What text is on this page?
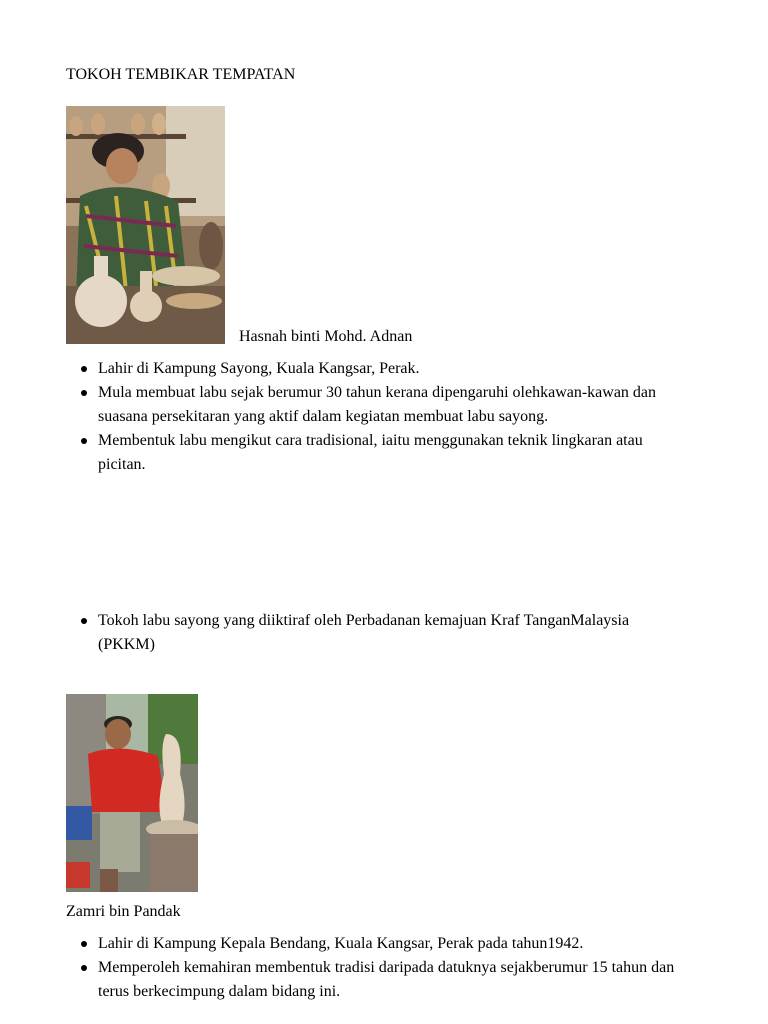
TOKOH TEMBIKAR TEMPATAN
Hasnah binti Mohd. Adnan
Lahir di Kampung Sayong, Kuala Kangsar, Perak.
Mula membuat labu sejak berumur 30 tahun kerana dipengaruhi olehkawan-kawan dan suasana persekitaran yang aktif dalam kegiatan membuat labu sayong.
Membentuk labu mengikut cara tradisional, iaitu menggunakan teknik lingkaran atau picitan.
Tokoh labu sayong yang diiktiraf oleh Perbadanan kemajuan Kraf TanganMalaysia (PKKM)
Zamri bin Pandak
Lahir di Kampung Kepala Bendang, Kuala Kangsar, Perak pada tahun1942.
Memperoleh kemahiran membentuk tradisi daripada datuknya sejakberumur 15 tahun dan terus berkecimpung dalam bidang ini.
